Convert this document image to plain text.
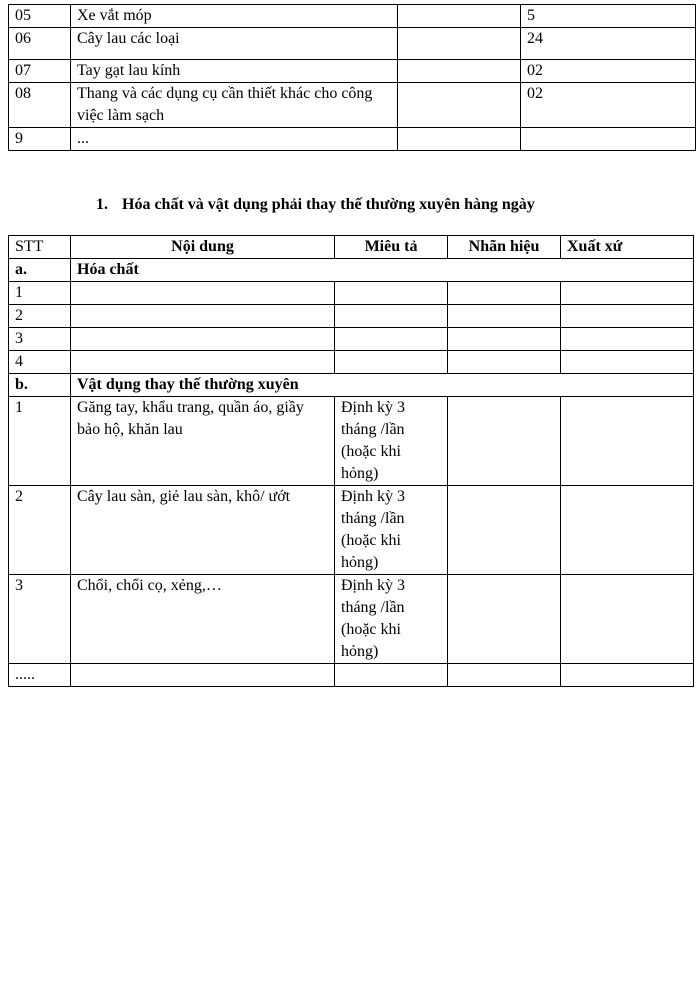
05	Xe vắt móp		5
06	Cây lau các loại		24
07	Tay gạt lau kính		02
08	Thang và các dụng cụ cần thiết khác cho công việc làm sạch		02
9	...		
1. Hóa chất và vật dụng phải thay thế thường xuyên hàng ngày
STT	Nội dung	Miêu tả	Nhãn hiệu	Xuất xứ
a.	Hóa chất			
1				
2				
3				
4				
b.	Vật dụng thay thế thường xuyên			
1	Găng tay, khẩu trang, quần áo, giầy bảo hộ, khăn lau	Định kỳ 3 tháng /lần (hoặc khi hỏng)		
2	Cây lau sàn, giẻ lau sàn, khô/ ướt	Định kỳ 3 tháng /lần (hoặc khi hỏng)		
3	Chổi, chổi cọ, xẻng,…	Định kỳ 3 tháng /lần (hoặc khi hỏng)		
.....				
